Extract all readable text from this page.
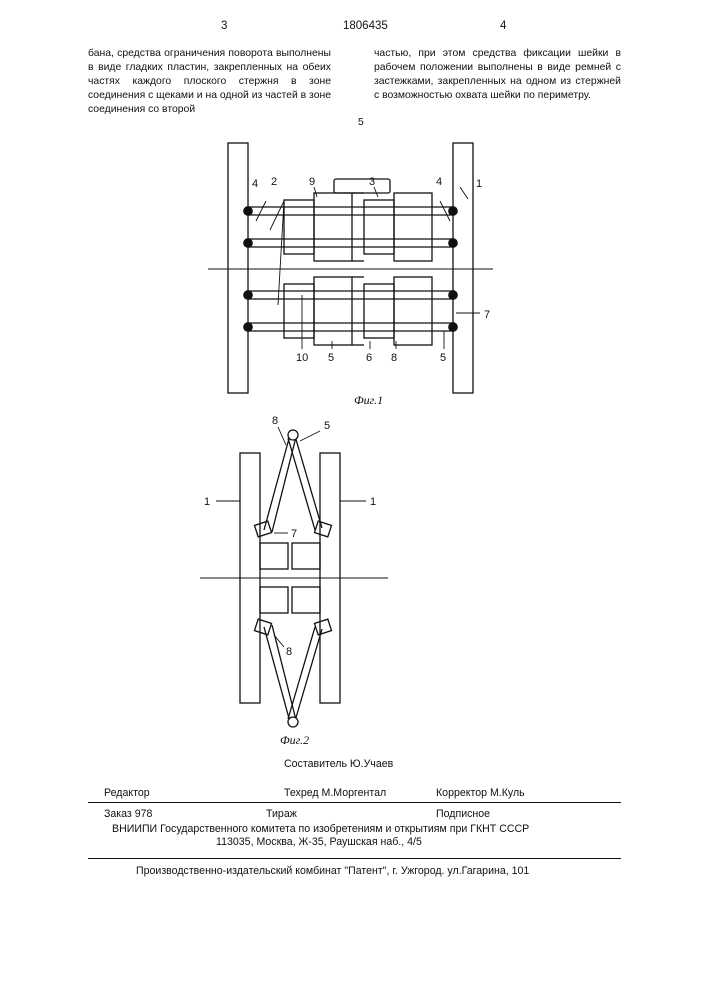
3	1806435	4

бана, средства ограничения поворота выполнены в виде гладких пластин, закрепленных на обеих частях каждого плоского стержня в зоне соединения с щеками и на одной из частей в зоне соединения со второй

частью, при этом средства фиксации шейки в рабочем положении выполнены в виде ремней с застежками, закрепленных на одном из стержней с возможностью охвата шейки по периметру.

5
4 2	9	3	4	1
7
10 5	6 8	5
8	5
1	1
7
8
Фиг.1
Фиг.2
Составитель Ю.Учаев
Редактор	Техред М.Моргентал	Корректор М.Куль
Заказ 978	Тираж	Подписное
ВНИИПИ Государственного комитета по изобретениям и открытиям при ГКНТ СССР
113035, Москва, Ж-35, Раушская наб., 4/5
Производственно-издательский комбинат "Патент", г. Ужгород. ул.Гагарина, 101
